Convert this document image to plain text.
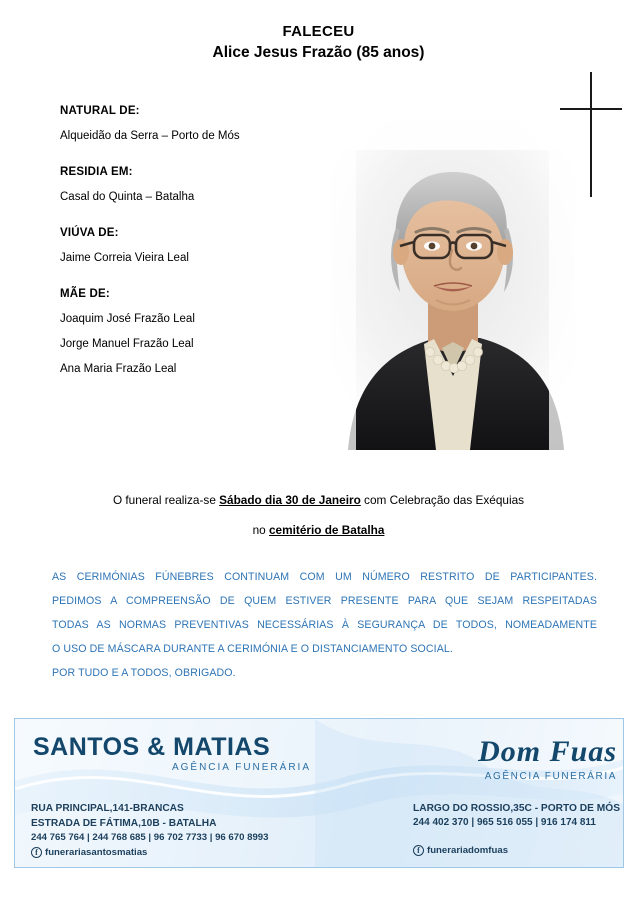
FALECEU
Alice Jesus Frazão (85 anos)
NATURAL DE:
Alqueidão da Serra – Porto de Mós
RESIDIA EM:
Casal do Quinta – Batalha
VIÚVA DE:
Jaime Correia Vieira Leal
MÃE DE:
Joaquim José Frazão Leal
Jorge Manuel Frazão Leal
Ana Maria Frazão Leal
O funeral realiza-se Sábado dia 30 de Janeiro com Celebração das Exéquias
no cemitério de Batalha

AS CERIMÓNIAS FÚNEBRES CONTINUAM COM UM NÚMERO RESTRITO DE PARTICIPANTES.

PEDIMOS A COMPREENSÃO DE QUEM ESTIVER PRESENTE PARA QUE SEJAM RESPEITADAS

TODAS AS NORMAS PREVENTIVAS NECESSÁRIAS À SEGURANÇA DE TODOS, NOMEADAMENTE

O USO DE MÁSCARA DURANTE A CERIMÓNIA E O DISTANCIAMENTO SOCIAL.

POR TUDO E A TODOS, OBRIGADO.

SANTOS & MATIAS
AGÊNCIA FUNERÁRIA
RUA PRINCIPAL,141-BRANCAS
ESTRADA DE FÁTIMA,10B - BATALHA
244 765 764 | 244 768 685 | 96 702 7733 | 96 670 8993
f funerariasantosmatias
Dom Fuas
AGÊNCIA FUNERÁRIA
LARGO DO ROSSIO,35C - PORTO DE MÓS
244 402 370 | 965 516 055 | 916 174 811
f funerariadomfuas
